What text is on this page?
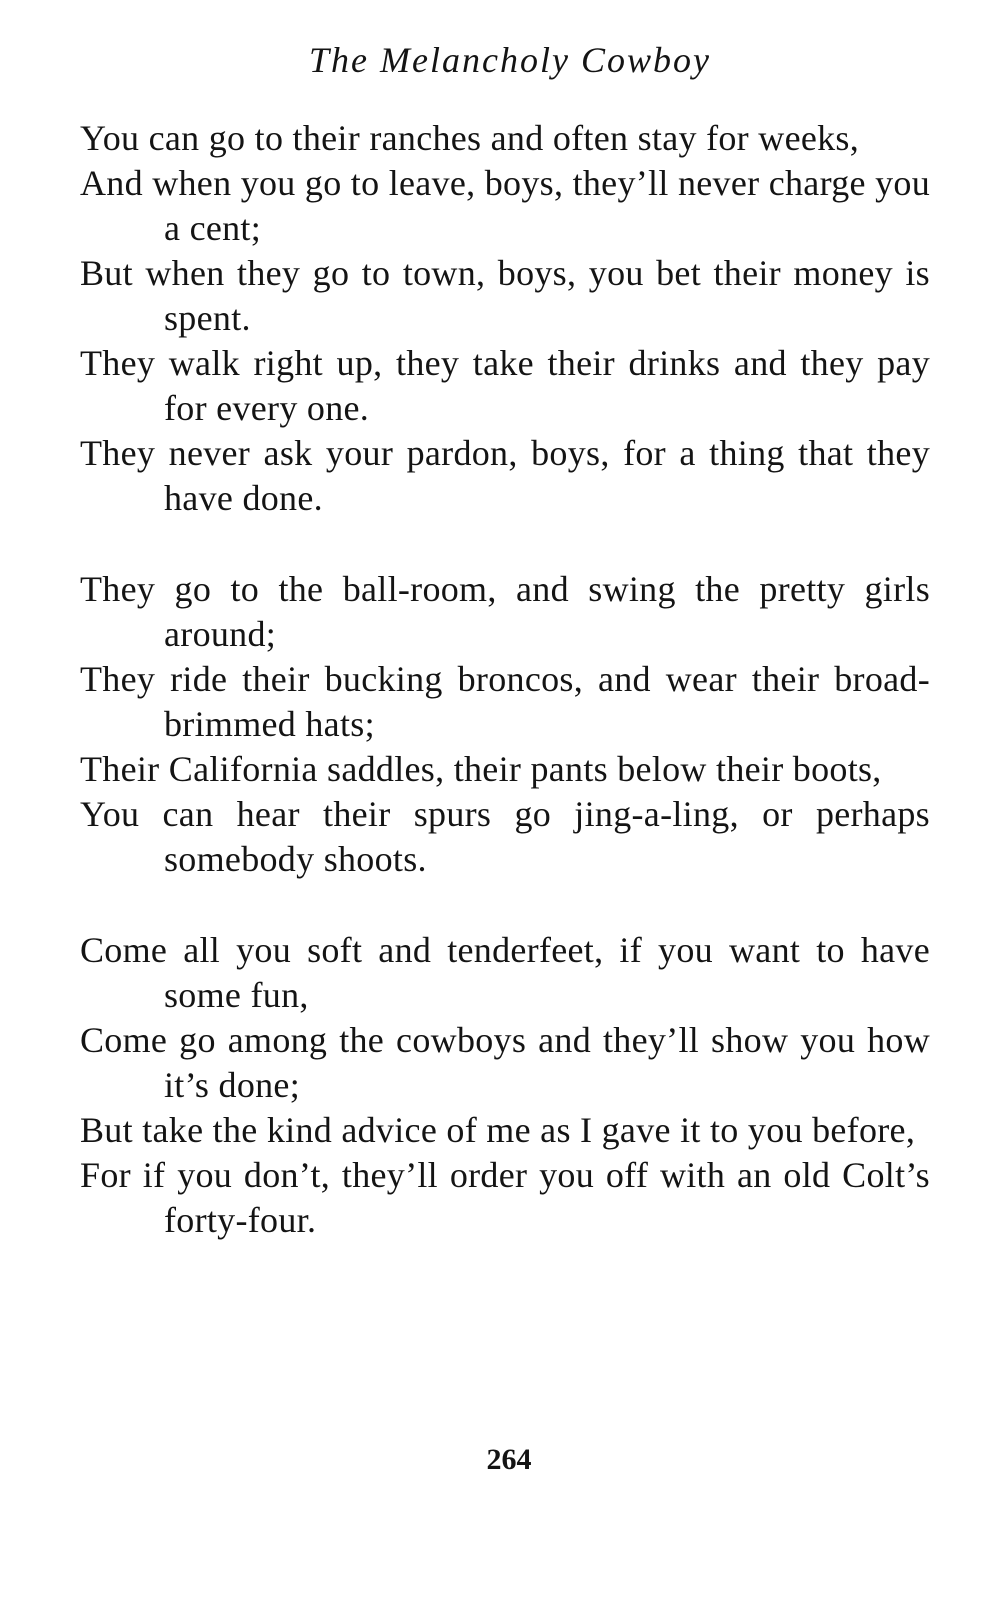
The Melancholy Cowboy
You can go to their ranches and often stay for weeks,
And when you go to leave, boys, they’ll never charge you a cent;
But when they go to town, boys, you bet their money is spent.
They walk right up, they take their drinks and they pay for every one.
They never ask your pardon, boys, for a thing that they have done.
They go to the ball-room, and swing the pretty girls around;
They ride their bucking broncos, and wear their broad-brimmed hats;
Their California saddles, their pants below their boots,
You can hear their spurs go jing-a-ling, or perhaps somebody shoots.
Come all you soft and tenderfeet, if you want to have some fun,
Come go among the cowboys and they’ll show you how it’s done;
But take the kind advice of me as I gave it to you before,
For if you don’t, they’ll order you off with an old Colt’s forty-four.
264
